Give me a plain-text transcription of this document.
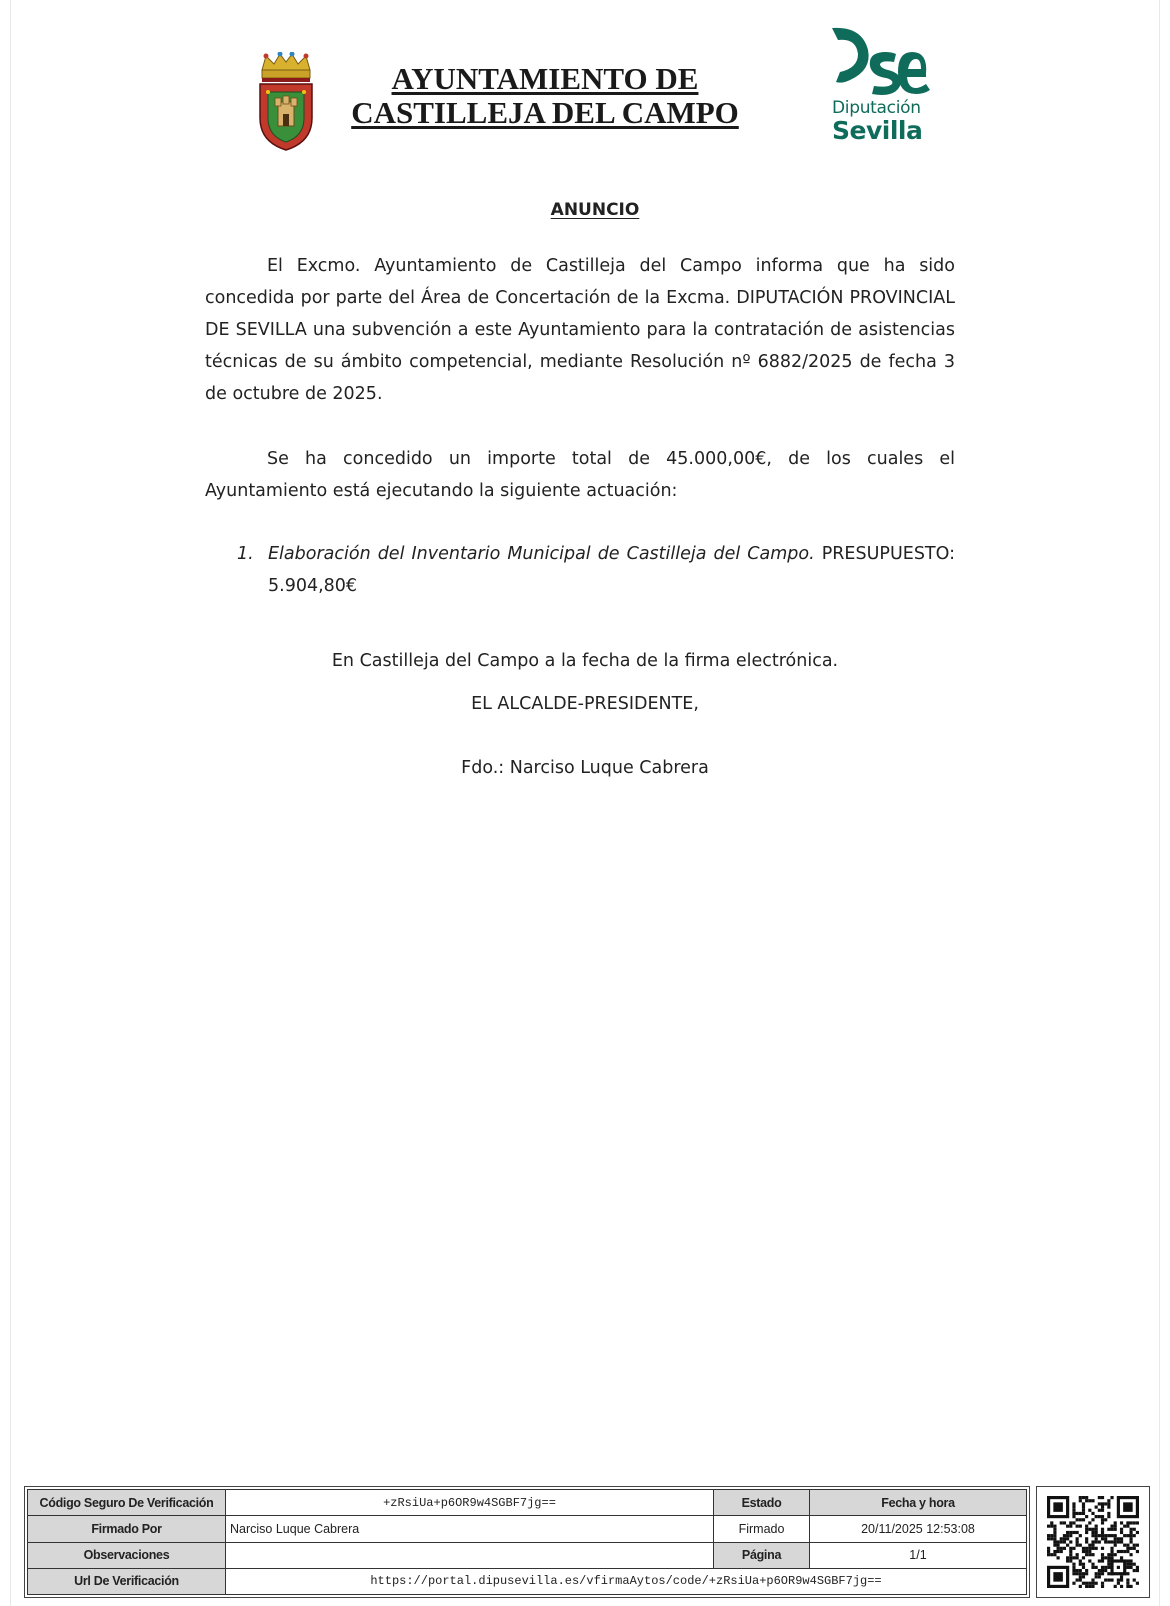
AYUNTAMIENTO DE
CASTILLEJA DEL CAMPO	Diputación
Sevilla
ANUNCIO
El Excmo. Ayuntamiento de Castilleja del Campo informa que ha sido concedida por parte del Área de Concertación de la Excma. DIPUTACIÓN PROVINCIAL DE SEVILLA una subvención a este Ayuntamiento para la contratación de asistencias técnicas de su ámbito competencial, mediante Resolución nº 6882/2025 de fecha 3 de octubre de 2025.
Se ha concedido un importe total de 45.000,00€, de los cuales el Ayuntamiento está ejecutando la siguiente actuación:
1. Elaboración del Inventario Municipal de Castilleja del Campo. PRESUPUESTO: 5.904,80€
En Castilleja del Campo a la fecha de la firma electrónica.
EL ALCALDE-PRESIDENTE,
Fdo.: Narciso Luque Cabrera
Código Seguro De Verificación	+zRsiUa+p6OR9w4SGBF7jg==	Estado	Fecha y hora
Firmado Por	Narciso Luque Cabrera	Firmado	20/11/2025 12:53:08
Observaciones		Página	1/1
Url De Verificación	https://portal.dipusevilla.es/vfirmaAytos/code/+zRsiUa+p6OR9w4SGBF7jg==		
